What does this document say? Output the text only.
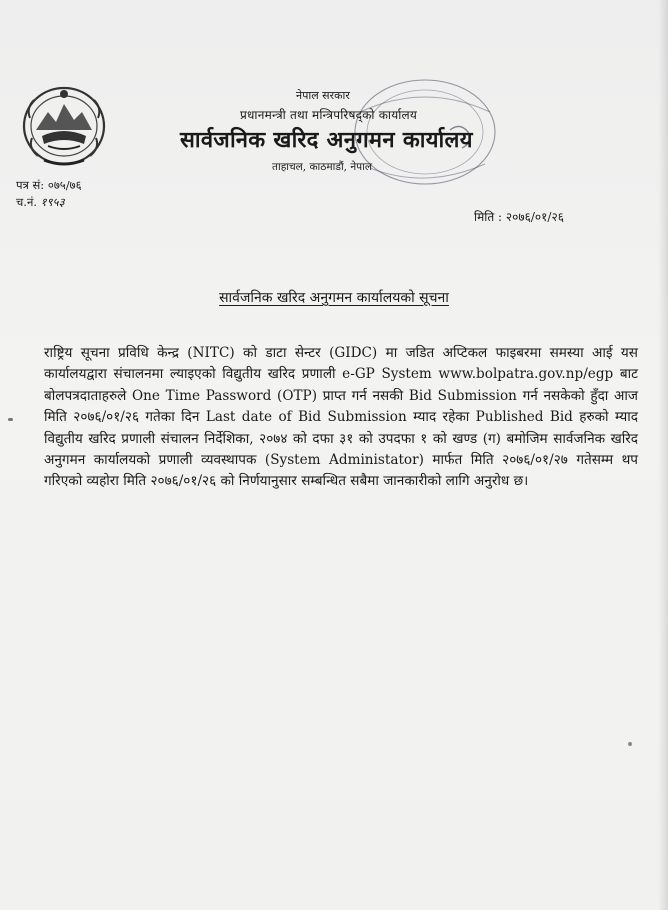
नेपाल सरकार
प्रधानमन्त्री तथा मन्त्रिपरिषद्को कार्यालय
सार्वजनिक खरिद अनुगमन कार्यालय
ताहाचल, काठमाडौं, नेपाल
पत्र सं: ०७५/७६
च.नं. १९५३
मिति : २०७६/०१/२६
सार्वजनिक खरिद अनुगमन कार्यालयको सूचना
राष्ट्रिय सूचना प्रविधि केन्द्र (NITC) को डाटा सेन्टर (GIDC) मा जडित अप्टिकल फाइबरमा समस्या आई यस कार्यालयद्वारा संचालनमा ल्याइएको विद्युतीय खरिद प्रणाली e-GP System www.bolpatra.gov.np/egp बाट बोलपत्रदाताहरुले One Time Password (OTP) प्राप्त गर्न नसकी Bid Submission गर्न नसकेको हुँदा आज मिति २०७६/०१/२६ गतेका दिन Last date of Bid Submission म्याद रहेका Published Bid हरुको म्याद विद्युतीय खरिद प्रणाली संचालन निर्देशिका, २०७४ को दफा ३१ को उपदफा १ को खण्ड (ग) बमोजिम सार्वजनिक खरिद अनुगमन कार्यालयको प्रणाली व्यवस्थापक (System Administator) मार्फत मिति २०७६/०१/२७ गतेसम्म थप गरिएको व्यहोरा मिति २०७६/०१/२६ को निर्णयानुसार सम्बन्धित सबैमा जानकारीको लागि अनुरोध छ।
